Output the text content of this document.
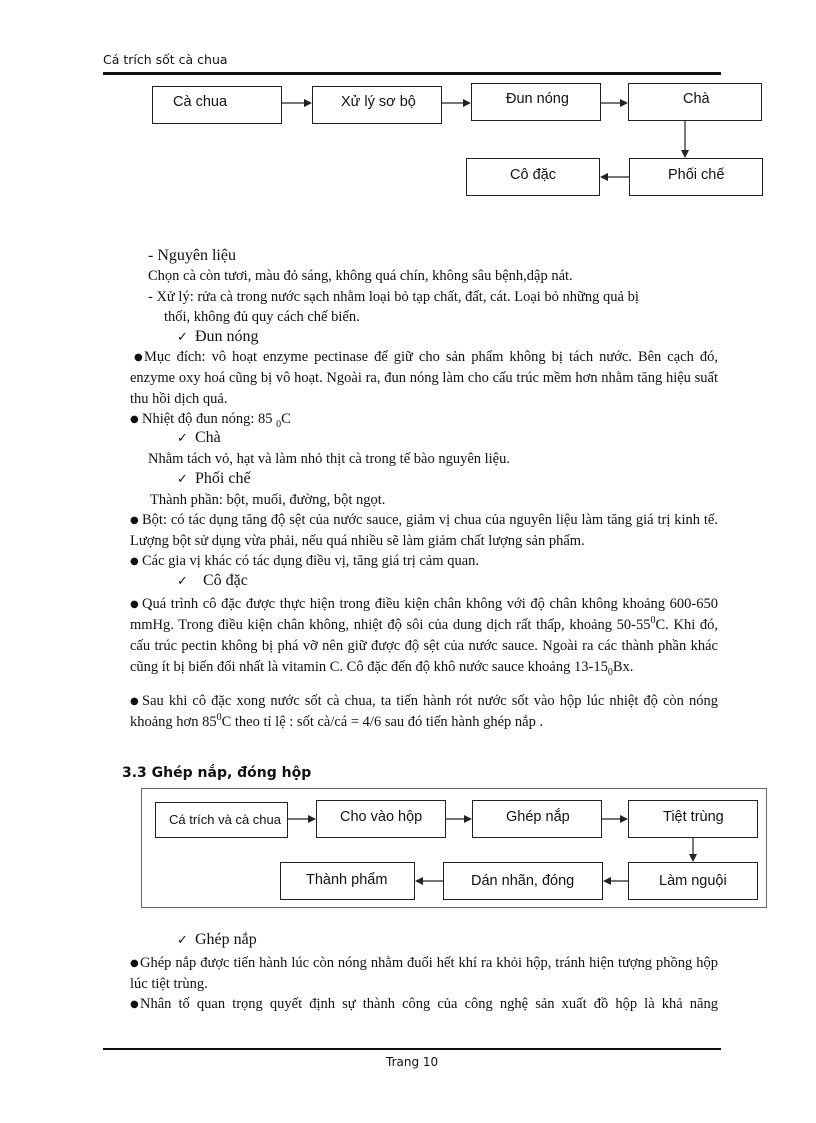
Cá trích sốt cà chua
Cà chua	Xử lý sơ bộ	Đun nóng	Chà
Phối chế
Cô đặc
- Nguyên liệu
Chọn cà còn tươi, màu đỏ sáng, không quá chín, không sâu bệnh,dập nát.
- Xử lý: rửa cà trong nước sạch nhằm loại bỏ tạp chất, đất, cát. Loại bỏ những quả bị
thối, không đủ quy cách chế biến.
✓ Đun nóng
●Mục đích: vô hoạt enzyme pectinase để giữ cho sản phẩm không bị tách nước. Bên cạch đó, enzyme oxy hoá cũng bị vô hoạt. Ngoài ra, đun nóng làm cho cấu trúc mềm hơn nhằm tăng hiệu suất thu hồi dịch quả.
● Nhiệt độ đun nóng: 85 $_0$C
✓ Chà
Nhằm tách vỏ, hạt và làm nhỏ thịt cà trong tế bào nguyên liệu.
✓ Phối chế
Thành phần: bột, muối, đường, bột ngọt.
● Bột: có tác dụng tăng độ sệt của nước sauce, giảm vị chua của nguyên liệu làm tăng giá trị kinh tế. Lượng bột sử dụng vừa phải, nếu quá nhiều sẽ làm giảm chất lượng sản phẩm.
● Các gia vị khác có tác dụng điều vị, tăng giá trị cảm quan.
✓ Cô đặc
● Quá trình cô đặc được thực hiện trong điều kiện chân không với độ chân không khoảng 600-650 mmHg. Trong điều kiện chân không, nhiệt độ sôi của dung dịch rất thấp, khoảng $50-55^0C$. Khi đó, cấu trúc pectin không bị phá vỡ nên giữ được độ sệt của nước sauce. Ngoài ra các thành phần khác cũng ít bị biến đổi nhất là vitamin C. Cô đặc đến độ khô nước sauce khoảng $13-15_0Bx$.
● Sau khi cô đặc xong nước sốt cà chua, ta tiến hành rót nước sốt vào hộp lúc nhiệt độ còn nóng khoảng hơn $85^0C$ theo tỉ lệ : sốt cà/cá = 4/6 sau đó tiến hành ghép nắp .
3.3 Ghép nắp, đóng hộp
Cá trích và cà chua	Cho vào hộp	Ghép nắp	Tiệt trùng
Làm nguội
Dán nhãn, đóng
Thành phẩm
✓ Ghép nắp
●Ghép nắp được tiến hành lúc còn nóng nhằm đuổi hết khí ra khỏi hộp, tránh hiện tượng phồng hộp lúc tiệt trùng.
●Nhân tố quan trọng quyết định sự thành công của công nghệ sản xuất đồ hộp là khả năng
Trang 10
